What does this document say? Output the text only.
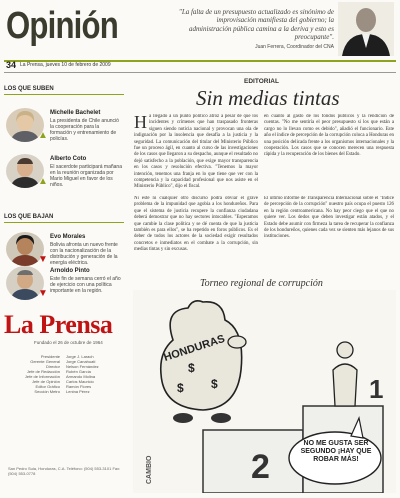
Opinión	"La falta de un presupuesto actualizado es sinónimo de improvisación manifiesta del gobierno; la administración pública camina a la deriva y esto es preocupante".
Juan Ferrera, Coordinador del CNA
34 La Prensa, jueves 10 de febrero de 2009
LOS QUE SUBEN
▲
Michelle Bachelet
La presidenta de Chile anunció la cooperación para la formación y entrenamiento de policías.
▲
Alberto Coto
El sacerdote participará mañana en la reunión organizada por Mario Miguel en favor de los niños.
LOS QUE BAJAN
▼
Evo Morales
Bolivia afronta un nuevo frente con la nacionalización de la distribución y generación de la energía eléctrica.
▼
Arnoldo Pinto
Este fin de semana cerró el año de ejercicio con una política importante en la región.
La Prensa
Fundado el 26 de octubre de 1964
Presidente Jorge J. Larach
Gerente General Jorge Canahuati
Director Nelson Fernández
Jefe de Redacción Rubén García
Jefe de Información Armando Molina
Jefe de Opinión Carlos Mauricio
Editor Gráfico Ramón Flores
Sección Metro Lenina Pérez
San Pedro Sula, Honduras, C.A. Teléfono: (504) 553-3101 Fax: (504) 553-0778
EDITORIAL
Sin medias tintas
Ha llegado a un punto político atroz a pesar de que los incidentes y crímenes que han traspasado fronteras siguen siendo noticia nacional y provocan una ola de indignación por la insolencia que desafía a la justicia y la seguridad. La comunicación del titular del Ministerio Público fue un proceso ágil, en cuanto al curso de las investigaciones de los casos que llegaron a su despacho, aunque el resultado no dejó satisfecho a la población, que exige mayor transparencia en los casos y resolución efectiva. "Tenemos la mayor intención, tenemos una franja en lo que tiene que ver con la competencia y la capacidad profesional que nos asiste en el Ministerio Público", dijo el fiscal.
Ni este ni cualquier otro discurso podrá obviar el grave problema de la impunidad que agobia a los hondureños. Para que el sistema de justicia recupere la confianza ciudadana deberá demostrar que no hay sectores intocables. "Esperamos que cambie la clase política y se dé cuenta de que la justicia también es para ellos", se ha repetido en foros públicos. Es el deber de todos los actores de la sociedad exigir resultados concretos e inmediatos en el combate a la corrupción, sin medias tintas y sin excusas.
en cuanto al gasto de los fondos públicos y la rendición de cuentas. "No me sentiría el peor presupuesto si los que están a cargo no lo llevan como es debido", añadió el funcionario. Este año el índice de percepción de la corrupción coloca a Honduras en una posición delicada frente a los organismos internacionales y la cooperación. Los casos que se conocen merecen una respuesta rápida y la recuperación de los bienes del Estado.
El último informe de Transparencia Internacional sobre el "Índice de percepción de la corrupción" nuestro país ocupa el puesto 126 en la región centroamericana. No hay peor ciego que el que no quiere ver. Los dedos que deben investigar están atados, y el Estado debe asumir con firmeza la tarea de recuperar la confianza de los hondureños, quienes cada vez se sienten más lejanos de sus instituciones.
Torneo regional de corrupción
2
1
HONDURAS
$
$
$
NO ME GUSTA SER SEGUNDO ¡HAY QUE ROBAR MÁS!
CAMBIO
